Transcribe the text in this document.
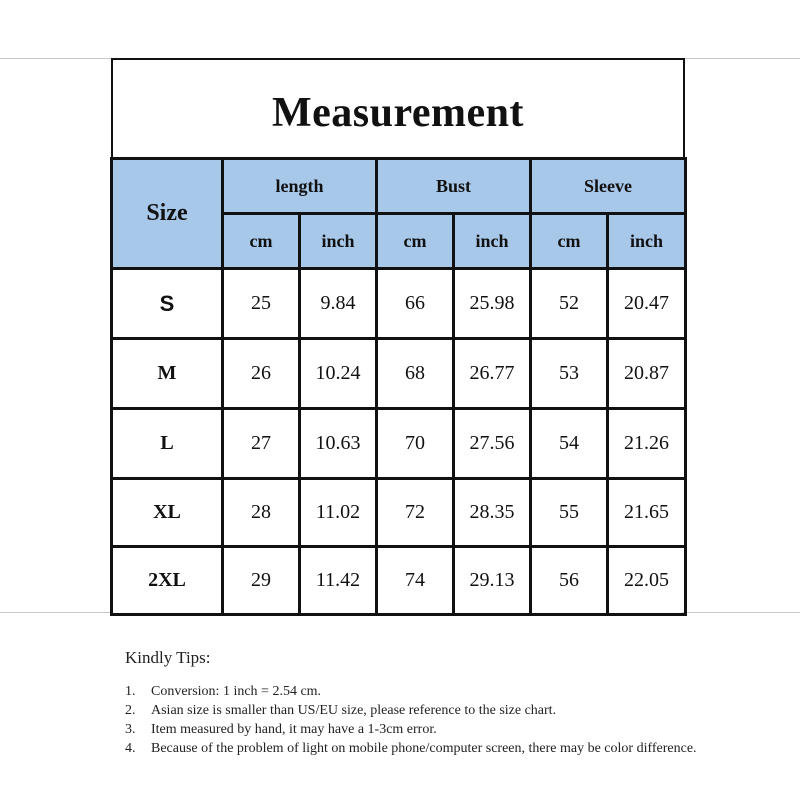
Measurement
Size	length		Bust		Sleeve	
	cm	inch	cm	inch	cm	inch
S	25	9.84	66	25.98	52	20.47
M	26	10.24	68	26.77	53	20.87
L	27	10.63	70	27.56	54	21.26
XL	28	11.02	72	28.35	55	21.65
2XL	29	11.42	74	29.13	56	22.05
Kindly Tips:
1.	Conversion: 1 inch = 2.54 cm.
2.	Asian size is smaller than US/EU size, please reference to the size chart.
3.	Item measured by hand, it may have a 1-3cm error.
4.	Because of the problem of light on mobile phone/computer screen, there may be color difference.
